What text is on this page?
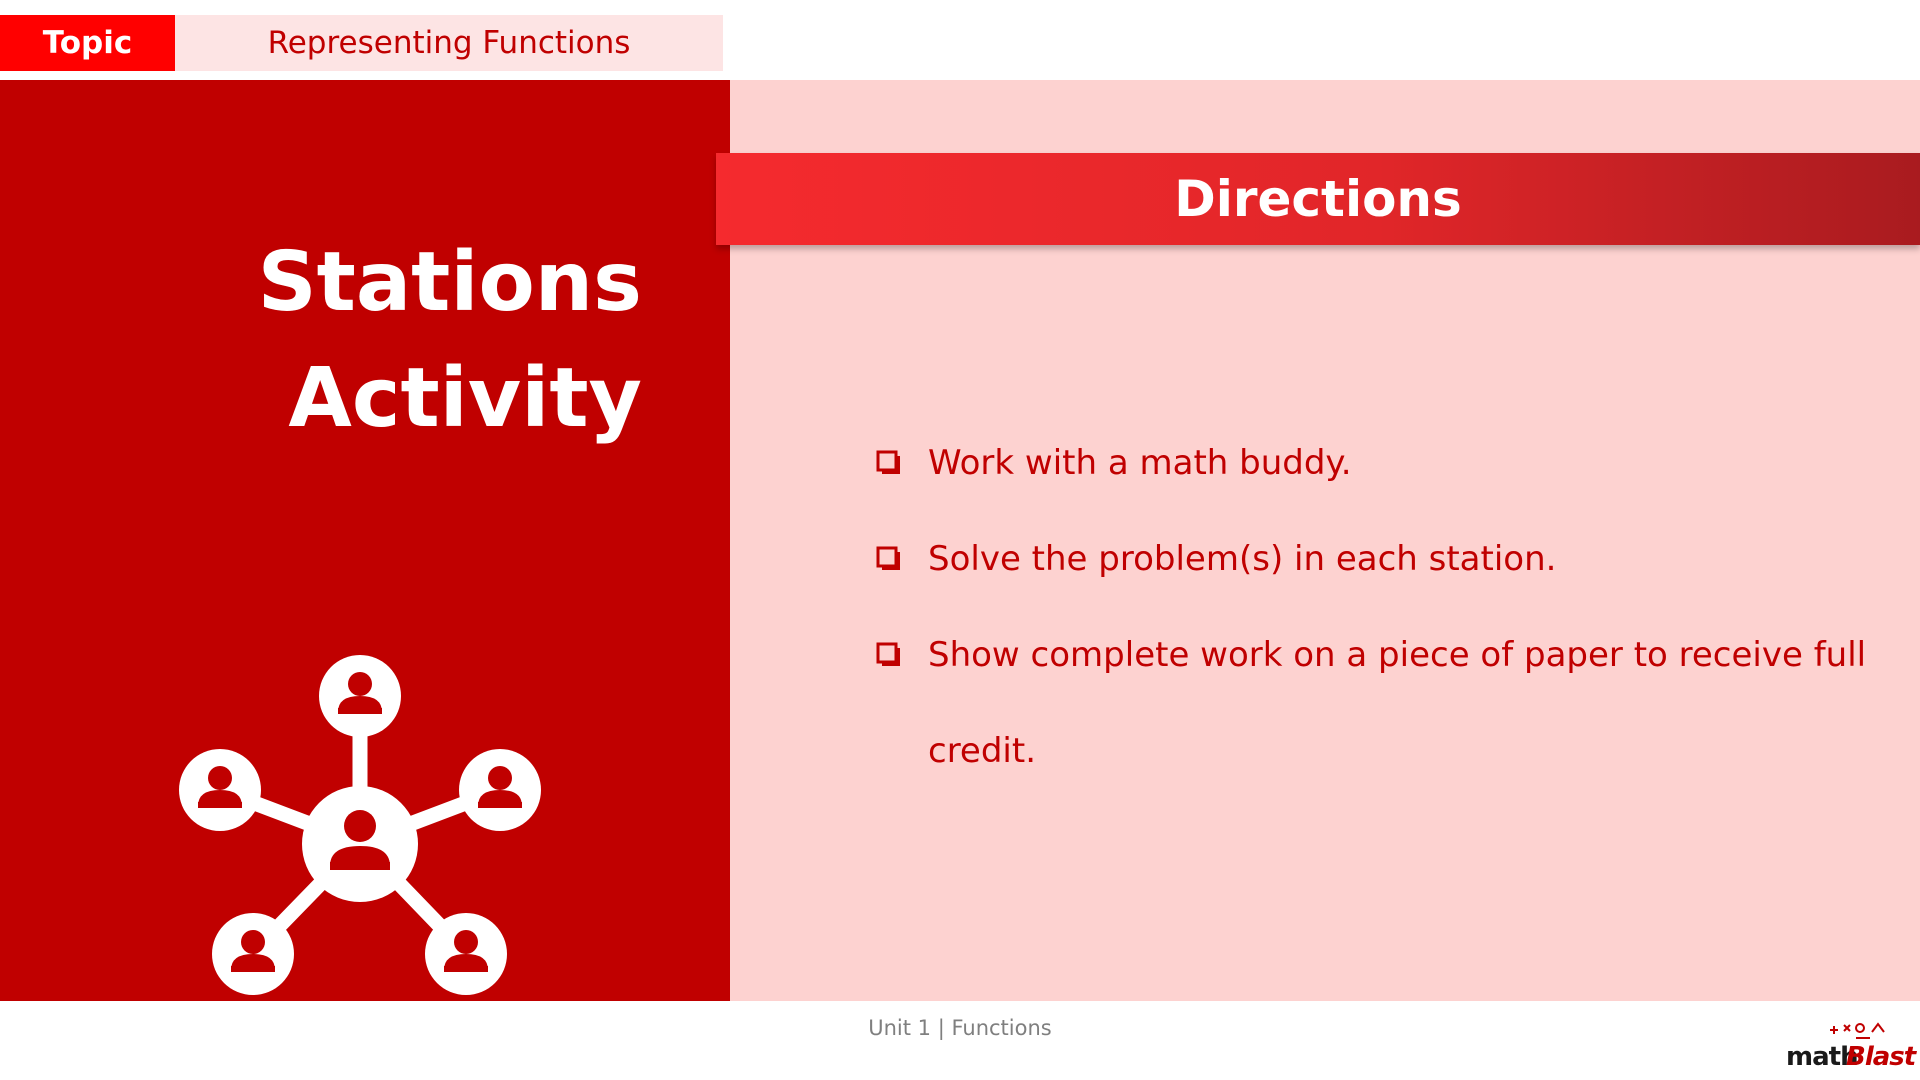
Topic	Representing Functions
Stations
Activity
Directions
Work with a math buddy.
Solve the problem(s) in each station.
Show complete work on a piece of paper to receive full credit.
Unit 1 | Functions
math
Blast
